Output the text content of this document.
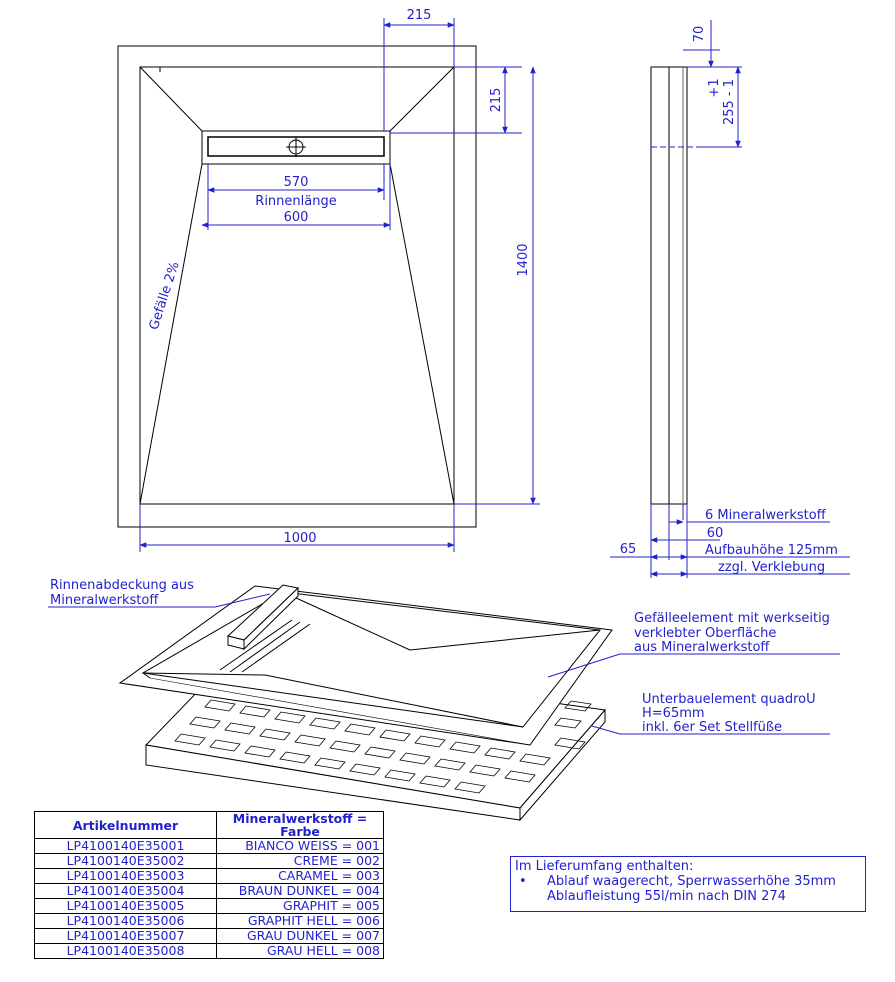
215
215
1400
1000
570
Rinnenlänge
600
Gefälle 2%
70
+1 255 - 1
65
60
6 Mineralwerkstoff
Aufbauhöhe 125mm
zzgl. Verklebung
Rinnenabdeckung aus
Mineralwerkstoff
Gefälleelement mit werkseitig
verklebter Oberfläche
aus Mineralwerkstoff
Unterbauelement quadroU
H=65mm
inkl. 6er Set Stellfüße
Artikelnummer	Mineralwerkstoff = Farbe
LP4100140E35001	BIANCO WEISS = 001
LP4100140E35002	CREME = 002
LP4100140E35003	CARAMEL = 003
LP4100140E35004	BRAUN DUNKEL = 004
LP4100140E35005	GRAPHIT = 005
LP4100140E35006	GRAPHIT HELL = 006
LP4100140E35007	GRAU DUNKEL = 007
LP4100140E35008	GRAU HELL = 008
Im Lieferumfang enthalten:
• Ablauf waagerecht, Sperrwasserhöhe 35mm
Ablaufleistung 55l/min nach DIN 274
